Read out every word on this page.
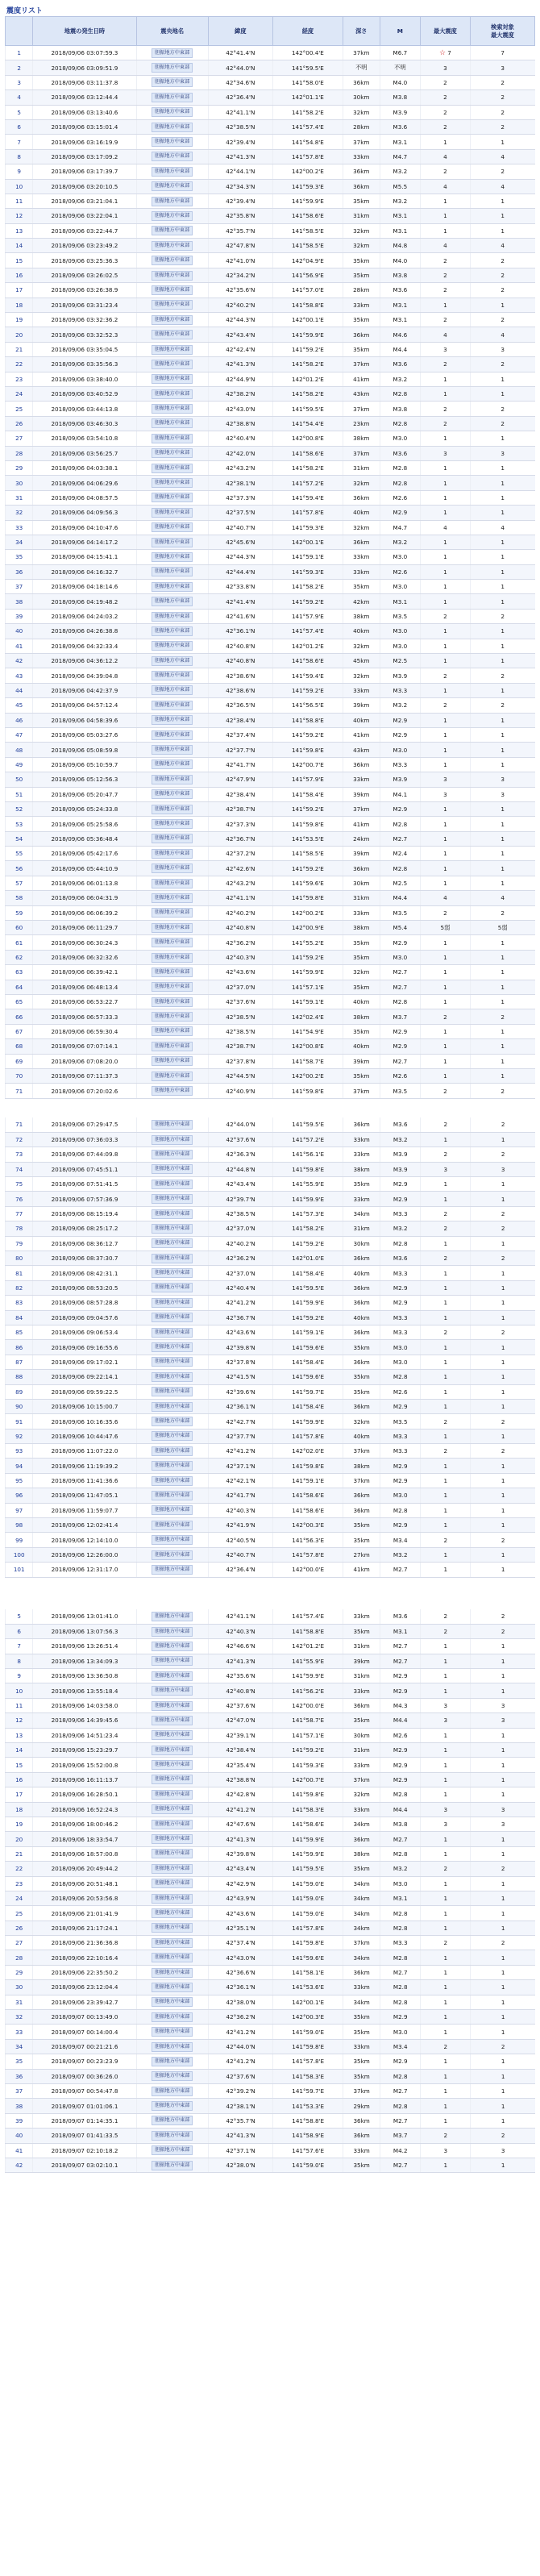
震度リスト
	地震の発生日時	震央地名	緯度	経度	深さ	M	最大震度	検索対象
最大震度
1	2018/09/06 03:07:59.3	胆振地方中東部	42°41.4'N	142°00.4'E	37km	M6.7	☆ 7	7
2	2018/09/06 03:09:51.9	胆振地方中東部	42°44.0'N	141°59.5'E	不明	不明	3	3
3	2018/09/06 03:11:37.8	胆振地方中東部	42°34.6'N	141°58.0'E	36km	M4.0	2	2
4	2018/09/06 03:12:44.4	胆振地方中東部	42°36.4'N	142°01.1'E	30km	M3.8	2	2
5	2018/09/06 03:13:40.6	胆振地方中東部	42°41.1'N	141°58.2'E	32km	M3.9	2	2
6	2018/09/06 03:15:01.4	胆振地方中東部	42°38.5'N	141°57.4'E	28km	M3.6	2	2
7	2018/09/06 03:16:19.9	胆振地方中東部	42°39.4'N	141°54.8'E	37km	M3.1	1	1
8	2018/09/06 03:17:09.2	胆振地方中東部	42°41.3'N	141°57.8'E	33km	M4.7	4	4
9	2018/09/06 03:17:39.7	胆振地方中東部	42°44.1'N	142°00.2'E	36km	M3.2	2	2
10	2018/09/06 03:20:10.5	胆振地方中東部	42°34.3'N	141°59.3'E	36km	M5.5	4	4
11	2018/09/06 03:21:04.1	胆振地方中東部	42°39.4'N	141°59.9'E	35km	M3.2	1	1
12	2018/09/06 03:22:04.1	胆振地方中東部	42°35.8'N	141°58.6'E	31km	M3.1	1	1
13	2018/09/06 03:22:44.7	胆振地方中東部	42°35.7'N	141°58.5'E	32km	M3.1	1	1
14	2018/09/06 03:23:49.2	胆振地方中東部	42°47.8'N	141°58.5'E	32km	M4.8	4	4
15	2018/09/06 03:25:36.3	胆振地方中東部	42°41.0'N	142°04.9'E	35km	M4.0	2	2
16	2018/09/06 03:26:02.5	胆振地方中東部	42°34.2'N	141°56.9'E	35km	M3.8	2	2
17	2018/09/06 03:26:38.9	胆振地方中東部	42°35.6'N	141°57.0'E	28km	M3.6	2	2
18	2018/09/06 03:31:23.4	胆振地方中東部	42°40.2'N	141°58.8'E	33km	M3.1	1	1
19	2018/09/06 03:32:36.2	胆振地方中東部	42°44.3'N	142°00.1'E	35km	M3.1	2	2
20	2018/09/06 03:32:52.3	胆振地方中東部	42°43.4'N	141°59.9'E	36km	M4.6	4	4
21	2018/09/06 03:35:04.5	胆振地方中東部	42°42.4'N	141°59.2'E	35km	M4.4	3	3
22	2018/09/06 03:35:56.3	胆振地方中東部	42°41.3'N	141°58.2'E	37km	M3.6	2	2
23	2018/09/06 03:38:40.0	胆振地方中東部	42°44.9'N	142°01.2'E	41km	M3.2	1	1
24	2018/09/06 03:40:52.9	胆振地方中東部	42°38.2'N	141°58.2'E	43km	M2.8	1	1
25	2018/09/06 03:44:13.8	胆振地方中東部	42°43.0'N	141°59.5'E	37km	M3.8	2	2
26	2018/09/06 03:46:30.3	胆振地方中東部	42°38.8'N	141°54.4'E	23km	M2.8	2	2
27	2018/09/06 03:54:10.8	胆振地方中東部	42°40.4'N	142°00.8'E	38km	M3.0	1	1
28	2018/09/06 03:56:25.7	胆振地方中東部	42°42.0'N	141°58.6'E	37km	M3.6	3	3
29	2018/09/06 04:03:38.1	胆振地方中東部	42°43.2'N	141°58.2'E	31km	M2.8	1	1
30	2018/09/06 04:06:29.6	胆振地方中東部	42°38.1'N	141°57.2'E	32km	M2.8	1	1
31	2018/09/06 04:08:57.5	胆振地方中東部	42°37.3'N	141°59.4'E	36km	M2.6	1	1
32	2018/09/06 04:09:56.3	胆振地方中東部	42°37.5'N	141°57.8'E	40km	M2.9	1	1
33	2018/09/06 04:10:47.6	胆振地方中東部	42°40.7'N	141°59.3'E	32km	M4.7	4	4
34	2018/09/06 04:14:17.2	胆振地方中東部	42°45.6'N	142°00.1'E	36km	M3.2	1	1
35	2018/09/06 04:15:41.1	胆振地方中東部	42°44.3'N	141°59.1'E	33km	M3.0	1	1
36	2018/09/06 04:16:32.7	胆振地方中東部	42°44.4'N	141°59.3'E	33km	M2.6	1	1
37	2018/09/06 04:18:14.6	胆振地方中東部	42°33.8'N	141°58.2'E	35km	M3.0	1	1
38	2018/09/06 04:19:48.2	胆振地方中東部	42°41.4'N	141°59.2'E	42km	M3.1	1	1
39	2018/09/06 04:24:03.2	胆振地方中東部	42°41.6'N	141°57.9'E	38km	M3.5	2	2
40	2018/09/06 04:26:38.8	胆振地方中東部	42°36.1'N	141°57.4'E	40km	M3.0	1	1
41	2018/09/06 04:32:33.4	胆振地方中東部	42°40.8'N	142°01.2'E	32km	M3.0	1	1
42	2018/09/06 04:36:12.2	胆振地方中東部	42°40.8'N	141°58.6'E	45km	M2.5	1	1
43	2018/09/06 04:39:04.8	胆振地方中東部	42°38.6'N	141°59.4'E	32km	M3.9	2	2
44	2018/09/06 04:42:37.9	胆振地方中東部	42°38.6'N	141°59.2'E	33km	M3.3	1	1
45	2018/09/06 04:57:12.4	胆振地方中東部	42°36.5'N	141°56.5'E	39km	M3.2	2	2
46	2018/09/06 04:58:39.6	胆振地方中東部	42°38.4'N	141°58.8'E	40km	M2.9	1	1
47	2018/09/06 05:03:27.6	胆振地方中東部	42°37.4'N	141°59.2'E	41km	M2.9	1	1
48	2018/09/06 05:08:59.8	胆振地方中東部	42°37.7'N	141°59.8'E	43km	M3.0	1	1
49	2018/09/06 05:10:59.7	胆振地方中東部	42°41.7'N	142°00.7'E	36km	M3.3	1	1
50	2018/09/06 05:12:56.3	胆振地方中東部	42°47.9'N	141°57.9'E	33km	M3.9	3	3
51	2018/09/06 05:20:47.7	胆振地方中東部	42°38.4'N	141°58.4'E	39km	M4.1	3	3
52	2018/09/06 05:24:33.8	胆振地方中東部	42°38.7'N	141°59.2'E	37km	M2.9	1	1
53	2018/09/06 05:25:58.6	胆振地方中東部	42°37.3'N	141°59.8'E	41km	M2.8	1	1
54	2018/09/06 05:36:48.4	胆振地方中東部	42°36.7'N	141°53.5'E	24km	M2.7	1	1
55	2018/09/06 05:42:17.6	胆振地方中東部	42°37.2'N	141°58.5'E	39km	M2.4	1	1
56	2018/09/06 05:44:10.9	胆振地方中東部	42°42.6'N	141°59.2'E	36km	M2.8	1	1
57	2018/09/06 06:01:13.8	胆振地方中東部	42°43.2'N	141°59.6'E	30km	M2.5	1	1
58	2018/09/06 06:04:31.9	胆振地方中東部	42°41.1'N	141°59.8'E	31km	M4.4	4	4
59	2018/09/06 06:06:39.2	胆振地方中東部	42°40.2'N	142°00.2'E	33km	M3.5	2	2
60	2018/09/06 06:11:29.7	胆振地方中東部	42°40.8'N	142°00.9'E	38km	M5.4	5弱	5弱
61	2018/09/06 06:30:24.3	胆振地方中東部	42°36.2'N	141°55.2'E	35km	M2.9	1	1
62	2018/09/06 06:32:32.6	胆振地方中東部	42°40.3'N	141°59.2'E	35km	M3.0	1	1
63	2018/09/06 06:39:42.1	胆振地方中東部	42°43.6'N	141°59.9'E	32km	M2.7	1	1
64	2018/09/06 06:48:13.4	胆振地方中東部	42°37.0'N	141°57.1'E	35km	M2.7	1	1
65	2018/09/06 06:53:22.7	胆振地方中東部	42°37.6'N	141°59.1'E	40km	M2.8	1	1
66	2018/09/06 06:57:33.3	胆振地方中東部	42°38.5'N	142°02.4'E	38km	M3.7	2	2
67	2018/09/06 06:59:30.4	胆振地方中東部	42°38.5'N	141°54.9'E	35km	M2.9	1	1
68	2018/09/06 07:07:14.1	胆振地方中東部	42°38.7'N	142°00.8'E	40km	M2.9	1	1
69	2018/09/06 07:08:20.0	胆振地方中東部	42°37.8'N	141°58.7'E	39km	M2.7	1	1
70	2018/09/06 07:11:37.3	胆振地方中東部	42°44.5'N	142°00.2'E	35km	M2.6	1	1
71	2018/09/06 07:20:02.6	胆振地方中東部	42°40.9'N	141°59.8'E	37km	M3.5	2	2
71	2018/09/06 07:29:47.5	胆振地方中東部	42°44.0'N	141°59.5'E	36km	M3.6	2	2
72	2018/09/06 07:36:03.3	胆振地方中東部	42°37.6'N	141°57.2'E	33km	M3.2	1	1
73	2018/09/06 07:44:09.8	胆振地方中東部	42°36.3'N	141°56.1'E	33km	M3.9	2	2
74	2018/09/06 07:45:51.1	胆振地方中東部	42°44.8'N	141°59.8'E	38km	M3.9	3	3
75	2018/09/06 07:51:41.5	胆振地方中東部	42°43.4'N	141°55.9'E	35km	M2.9	1	1
76	2018/09/06 07:57:36.9	胆振地方中東部	42°39.7'N	141°59.9'E	33km	M2.9	1	1
77	2018/09/06 08:15:19.4	胆振地方中東部	42°38.5'N	141°57.3'E	34km	M3.3	2	2
78	2018/09/06 08:25:17.2	胆振地方中東部	42°37.0'N	141°58.2'E	31km	M3.2	2	2
79	2018/09/06 08:36:12.7	胆振地方中東部	42°40.2'N	141°59.2'E	30km	M2.8	1	1
80	2018/09/06 08:37:30.7	胆振地方中東部	42°36.2'N	142°01.0'E	36km	M3.6	2	2
81	2018/09/06 08:42:31.1	胆振地方中東部	42°37.0'N	141°58.4'E	40km	M3.3	1	1
82	2018/09/06 08:53:20.5	胆振地方中東部	42°40.4'N	141°59.5'E	36km	M2.9	1	1
83	2018/09/06 08:57:28.8	胆振地方中東部	42°41.2'N	141°59.9'E	36km	M2.9	1	1
84	2018/09/06 09:04:57.6	胆振地方中東部	42°36.7'N	141°59.2'E	40km	M3.3	1	1
85	2018/09/06 09:06:53.4	胆振地方中東部	42°43.6'N	141°59.1'E	36km	M3.3	2	2
86	2018/09/06 09:16:55.6	胆振地方中東部	42°39.8'N	141°59.6'E	35km	M3.0	1	1
87	2018/09/06 09:17:02.1	胆振地方中東部	42°37.8'N	141°58.4'E	36km	M3.0	1	1
88	2018/09/06 09:22:14.1	胆振地方中東部	42°41.5'N	141°59.6'E	35km	M2.8	1	1
89	2018/09/06 09:59:22.5	胆振地方中東部	42°39.6'N	141°59.7'E	35km	M2.6	1	1
90	2018/09/06 10:15:00.7	胆振地方中東部	42°36.1'N	141°58.4'E	36km	M2.9	1	1
91	2018/09/06 10:16:35.6	胆振地方中東部	42°42.7'N	141°59.9'E	32km	M3.5	2	2
92	2018/09/06 10:44:47.6	胆振地方中東部	42°37.7'N	141°57.8'E	40km	M3.3	1	1
93	2018/09/06 11:07:22.0	胆振地方中東部	42°41.2'N	142°02.0'E	37km	M3.3	2	2
94	2018/09/06 11:19:39.2	胆振地方中東部	42°37.1'N	141°59.8'E	38km	M2.9	1	1
95	2018/09/06 11:41:36.6	胆振地方中東部	42°42.1'N	141°59.1'E	37km	M2.9	1	1
96	2018/09/06 11:47:05.1	胆振地方中東部	42°41.7'N	141°58.6'E	36km	M3.0	1	1
97	2018/09/06 11:59:07.7	胆振地方中東部	42°40.3'N	141°58.6'E	36km	M2.8	1	1
98	2018/09/06 12:02:41.4	胆振地方中東部	42°41.9'N	142°00.3'E	35km	M2.9	1	1
99	2018/09/06 12:14:10.0	胆振地方中東部	42°40.5'N	141°56.3'E	35km	M3.4	2	2
100	2018/09/06 12:26:00.0	胆振地方中東部	42°40.7'N	141°57.8'E	27km	M3.2	1	1
101	2018/09/06 12:31:17.0	胆振地方中東部	42°36.4'N	142°00.0'E	41km	M2.7	1	1
5	2018/09/06 13:01:41.0	胆振地方中東部	42°41.1'N	141°57.4'E	33km	M3.6	2	2
6	2018/09/06 13:07:56.3	胆振地方中東部	42°40.3'N	141°58.8'E	35km	M3.1	2	2
7	2018/09/06 13:26:51.4	胆振地方中東部	42°46.6'N	142°01.2'E	31km	M2.7	1	1
8	2018/09/06 13:34:09.3	胆振地方中東部	42°41.3'N	141°55.9'E	39km	M2.7	1	1
9	2018/09/06 13:36:50.8	胆振地方中東部	42°35.6'N	141°59.9'E	31km	M2.9	1	1
10	2018/09/06 13:55:18.4	胆振地方中東部	42°40.8'N	141°56.2'E	33km	M2.9	1	1
11	2018/09/06 14:03:58.0	胆振地方中東部	42°37.6'N	142°00.0'E	36km	M4.3	3	3
12	2018/09/06 14:39:45.6	胆振地方中東部	42°47.0'N	141°58.7'E	35km	M4.4	3	3
13	2018/09/06 14:51:23.4	胆振地方中東部	42°39.1'N	141°57.1'E	30km	M2.6	1	1
14	2018/09/06 15:23:29.7	胆振地方中東部	42°38.4'N	141°59.2'E	31km	M2.9	1	1
15	2018/09/06 15:52:00.8	胆振地方中東部	42°35.4'N	141°59.3'E	33km	M2.9	1	1
16	2018/09/06 16:11:13.7	胆振地方中東部	42°38.8'N	142°00.7'E	37km	M2.9	1	1
17	2018/09/06 16:28:50.1	胆振地方中東部	42°42.8'N	141°59.8'E	32km	M2.8	1	1
18	2018/09/06 16:52:24.3	胆振地方中東部	42°41.2'N	141°58.3'E	33km	M4.4	3	3
19	2018/09/06 18:00:46.2	胆振地方中東部	42°47.6'N	141°58.6'E	34km	M3.8	3	3
20	2018/09/06 18:33:54.7	胆振地方中東部	42°41.3'N	141°59.9'E	36km	M2.7	1	1
21	2018/09/06 18:57:00.8	胆振地方中東部	42°39.8'N	141°59.9'E	38km	M2.8	1	1
22	2018/09/06 20:49:44.2	胆振地方中東部	42°43.4'N	141°59.5'E	35km	M3.2	2	2
23	2018/09/06 20:51:48.1	胆振地方中東部	42°42.9'N	141°59.0'E	34km	M3.0	1	1
24	2018/09/06 20:53:56.8	胆振地方中東部	42°43.9'N	141°59.0'E	34km	M3.1	1	1
25	2018/09/06 21:01:41.9	胆振地方中東部	42°43.6'N	141°59.0'E	34km	M2.8	1	1
26	2018/09/06 21:17:24.1	胆振地方中東部	42°35.1'N	141°57.8'E	34km	M2.8	1	1
27	2018/09/06 21:36:36.8	胆振地方中東部	42°37.4'N	141°59.8'E	37km	M3.3	2	2
28	2018/09/06 22:10:16.4	胆振地方中東部	42°43.0'N	141°59.6'E	34km	M2.8	1	1
29	2018/09/06 22:35:50.2	胆振地方中東部	42°36.6'N	141°58.1'E	36km	M2.7	1	1
30	2018/09/06 23:12:04.4	胆振地方中東部	42°36.1'N	141°53.6'E	33km	M2.8	1	1
31	2018/09/06 23:39:42.7	胆振地方中東部	42°38.0'N	142°00.1'E	34km	M2.8	1	1
32	2018/09/07 00:13:49.0	胆振地方中東部	42°36.2'N	142°00.3'E	35km	M2.9	1	1
33	2018/09/07 00:14:00.4	胆振地方中東部	42°41.2'N	141°59.0'E	35km	M3.0	1	1
34	2018/09/07 00:21:21.6	胆振地方中東部	42°44.0'N	141°59.8'E	33km	M3.4	2	2
35	2018/09/07 00:23:23.9	胆振地方中東部	42°41.2'N	141°57.8'E	35km	M2.9	1	1
36	2018/09/07 00:36:26.0	胆振地方中東部	42°37.6'N	141°58.3'E	35km	M2.8	1	1
37	2018/09/07 00:54:47.8	胆振地方中東部	42°39.2'N	141°59.7'E	37km	M2.7	1	1
38	2018/09/07 01:01:06.1	胆振地方中東部	42°38.1'N	141°53.3'E	29km	M2.8	1	1
39	2018/09/07 01:14:35.1	胆振地方中東部	42°35.7'N	141°58.8'E	36km	M2.7	1	1
40	2018/09/07 01:41:33.5	胆振地方中東部	42°41.3'N	141°58.9'E	36km	M3.7	2	2
41	2018/09/07 02:10:18.2	胆振地方中東部	42°37.1'N	141°57.6'E	33km	M4.2	3	3
42	2018/09/07 03:02:10.1	胆振地方中東部	42°38.0'N	141°59.0'E	35km	M2.7	1	1
